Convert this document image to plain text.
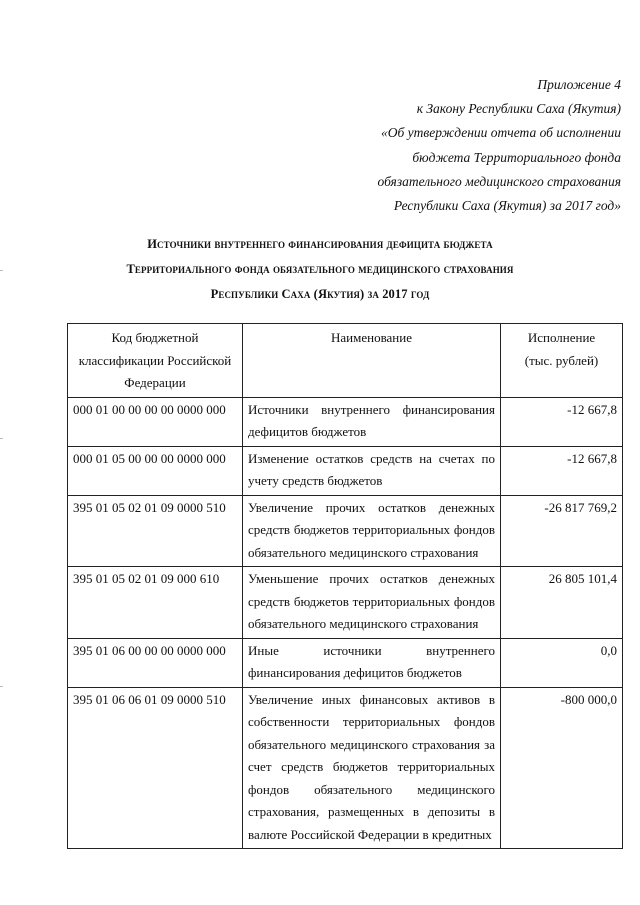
Приложение 4
к Закону Республики Саха (Якутия)
«Об утверждении отчета об исполнении
бюджета Территориального фонда
обязательного медицинского страхования
Республики Саха (Якутия) за 2017 год»
Источники внутреннего финансирования дефицита бюджета
Территориального фонда обязательного медицинского страхования
Республики Саха (Якутия) за 2017 год
Код бюджетной классификации Российской Федерации	Наименование	Исполнение
(тыс. рублей)

000 01 00 00 00 00 0000 000	Источники внутреннего финансирования дефицитов бюджетов	-12 667,8
000 01 05 00 00 00 0000 000	Изменение остатков средств на счетах по учету средств бюджетов	-12 667,8
395 01 05 02 01 09 0000 510	Увеличение прочих остатков денежных средств бюджетов территориальных фондов обязательного медицинского страхования	-26 817 769,2
395 01 05 02 01 09 000 610	Уменьшение прочих остатков денежных средств бюджетов территориальных фондов обязательного медицинского страхования	26 805 101,4
395 01 06 00 00 00 0000 000	Иные источники внутреннего финансирования дефицитов бюджетов	0,0
395 01 06 06 01 09 0000 510	Увеличение иных финансовых активов в собственности территориальных фондов обязательного медицинского страхования за счет средств бюджетов территориальных фондов обязательного медицинского страхования, размещенных в депозиты в валюте Российской Федерации в кредитных	-800 000,0
